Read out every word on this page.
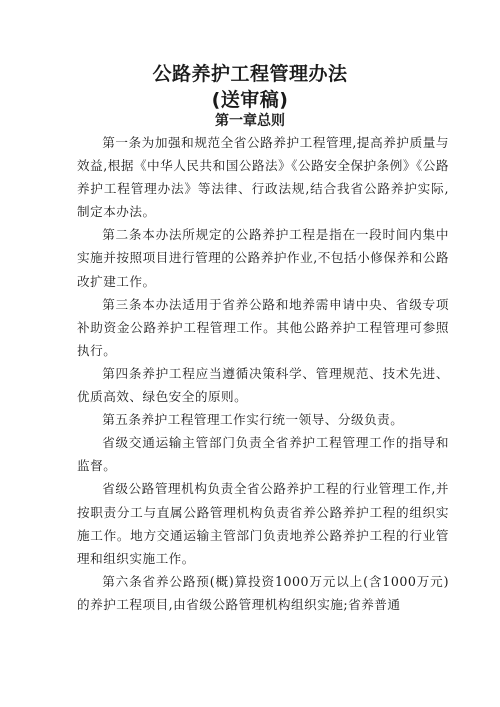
公路养护工程管理办法
(送审稿)
第一章总则

第一条为加强和规范全省公路养护工程管理,提高养护质量与效益,根据《中华人民共和国公路法》《公路安全保护条例》《公路养护工程管理办法》等法律、行政法规,结合我省公路养护实际,制定本办法。

第二条本办法所规定的公路养护工程是指在一段时间内集中实施并按照项目进行管理的公路养护作业,不包括小修保养和公路改扩建工作。

第三条本办法适用于省养公路和地养需申请中央、省级专项补助资金公路养护工程管理工作。其他公路养护工程管理可参照执行。

第四条养护工程应当遵循决策科学、管理规范、技术先进、优质高效、绿色安全的原则。

第五条养护工程管理工作实行统一领导、分级负责。

省级交通运输主管部门负责全省养护工程管理工作的指导和监督。

省级公路管理机构负责全省公路养护工程的行业管理工作,并按职责分工与直属公路管理机构负责省养公路养护工程的组织实施工作。地方交通运输主管部门负责地养公路养护工程的行业管理和组织实施工作。

第六条省养公路预(概)算投资1000万元以上(含1000万元)的养护工程项目,由省级公路管理机构组织实施;省养普通
